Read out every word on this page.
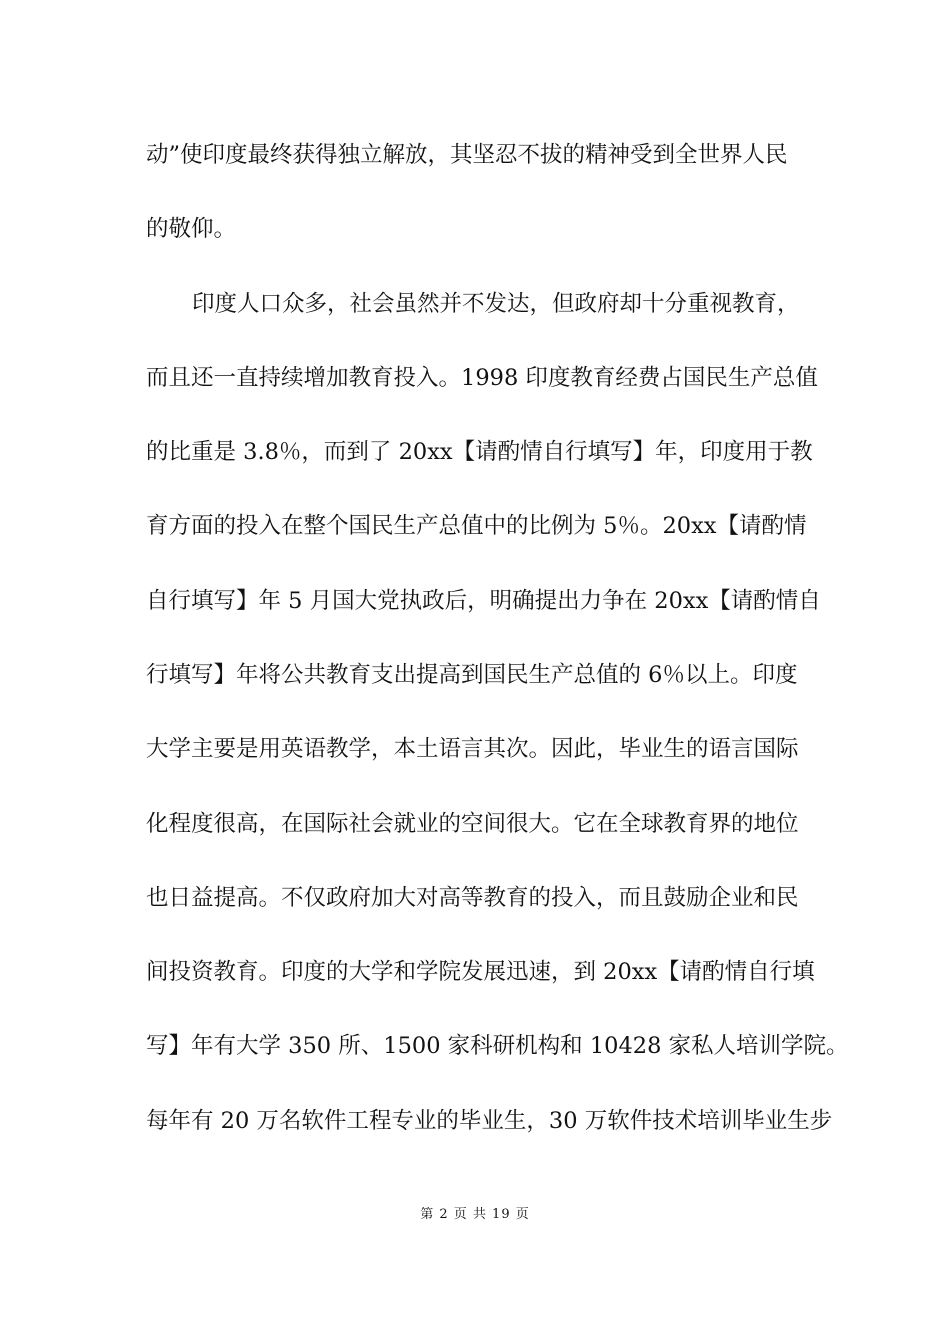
动”使印度最终获得独立解放，其坚忍不拔的精神受到全世界人民
的敬仰。
印度人口众多，社会虽然并不发达，但政府却十分重视教育，
而且还一直持续增加教育投入。1998 印度教育经费占国民生产总值
的比重是 3.8％，而到了 20xx【请酌情自行填写】年，印度用于教
育方面的投入在整个国民生产总值中的比例为 5％。20xx【请酌情
自行填写】年 5 月国大党执政后，明确提出力争在 20xx【请酌情自
行填写】年将公共教育支出提高到国民生产总值的 6％以上。印度
大学主要是用英语教学，本土语言其次。因此，毕业生的语言国际
化程度很高，在国际社会就业的空间很大。它在全球教育界的地位
也日益提高。不仅政府加大对高等教育的投入，而且鼓励企业和民
间投资教育。印度的大学和学院发展迅速，到 20xx【请酌情自行填
写】年有大学 350 所、1500 家科研机构和 10428 家私人培训学院。
每年有 20 万名软件工程专业的毕业生，30 万软件技术培训毕业生步
第 2 页 共 19 页
